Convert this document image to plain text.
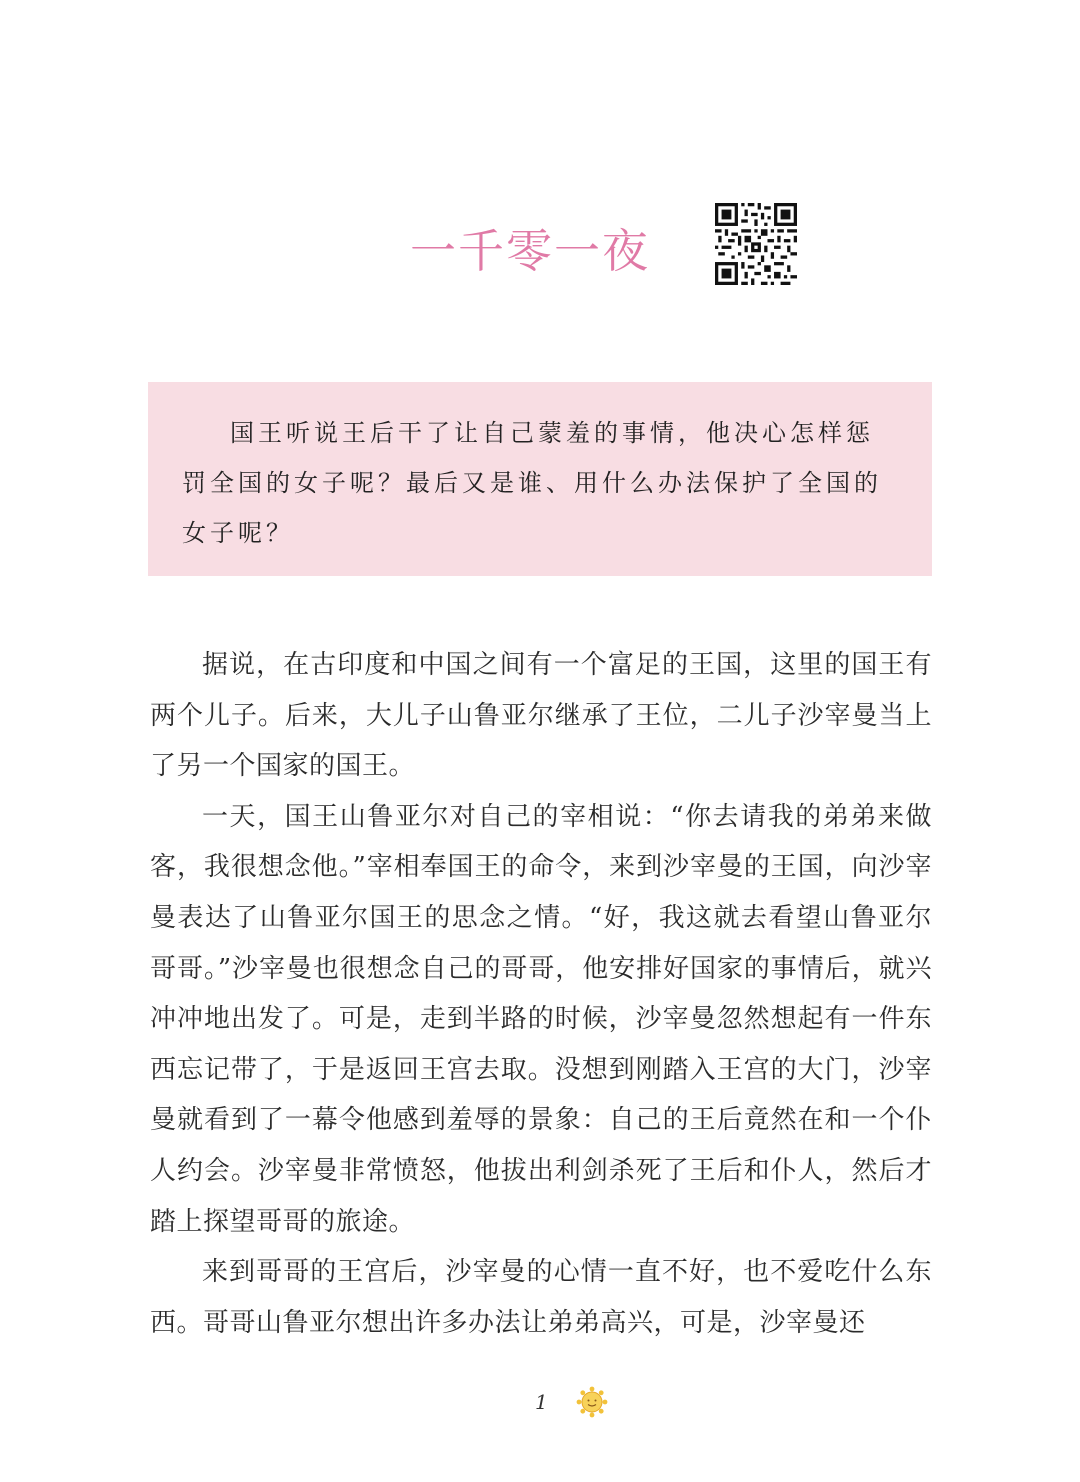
一千零一夜

国王听说王后干了让自己蒙羞的事情，他决心怎样惩罚全国的女子呢？最后又是谁、用什么办法保护了全国的女子呢？

据说，在古印度和中国之间有一个富足的王国，这里的国王有两个儿子。后来，大儿子山鲁亚尔继承了王位，二儿子沙宰曼当上了另一个国家的国王。

一天，国王山鲁亚尔对自己的宰相说：“你去请我的弟弟来做客，我很想念他。”宰相奉国王的命令，来到沙宰曼的王国，向沙宰曼表达了山鲁亚尔国王的思念之情。“好，我这就去看望山鲁亚尔哥哥。”沙宰曼也很想念自己的哥哥，他安排好国家的事情后，就兴冲冲地出发了。可是，走到半路的时候，沙宰曼忽然想起有一件东西忘记带了，于是返回王宫去取。没想到刚踏入王宫的大门，沙宰曼就看到了一幕令他感到羞辱的景象：自己的王后竟然在和一个仆人约会。沙宰曼非常愤怒，他拔出利剑杀死了王后和仆人，然后才踏上探望哥哥的旅途。

来到哥哥的王宫后，沙宰曼的心情一直不好，也不爱吃什么东西。哥哥山鲁亚尔想出许多办法让弟弟高兴，可是，沙宰曼还

1
